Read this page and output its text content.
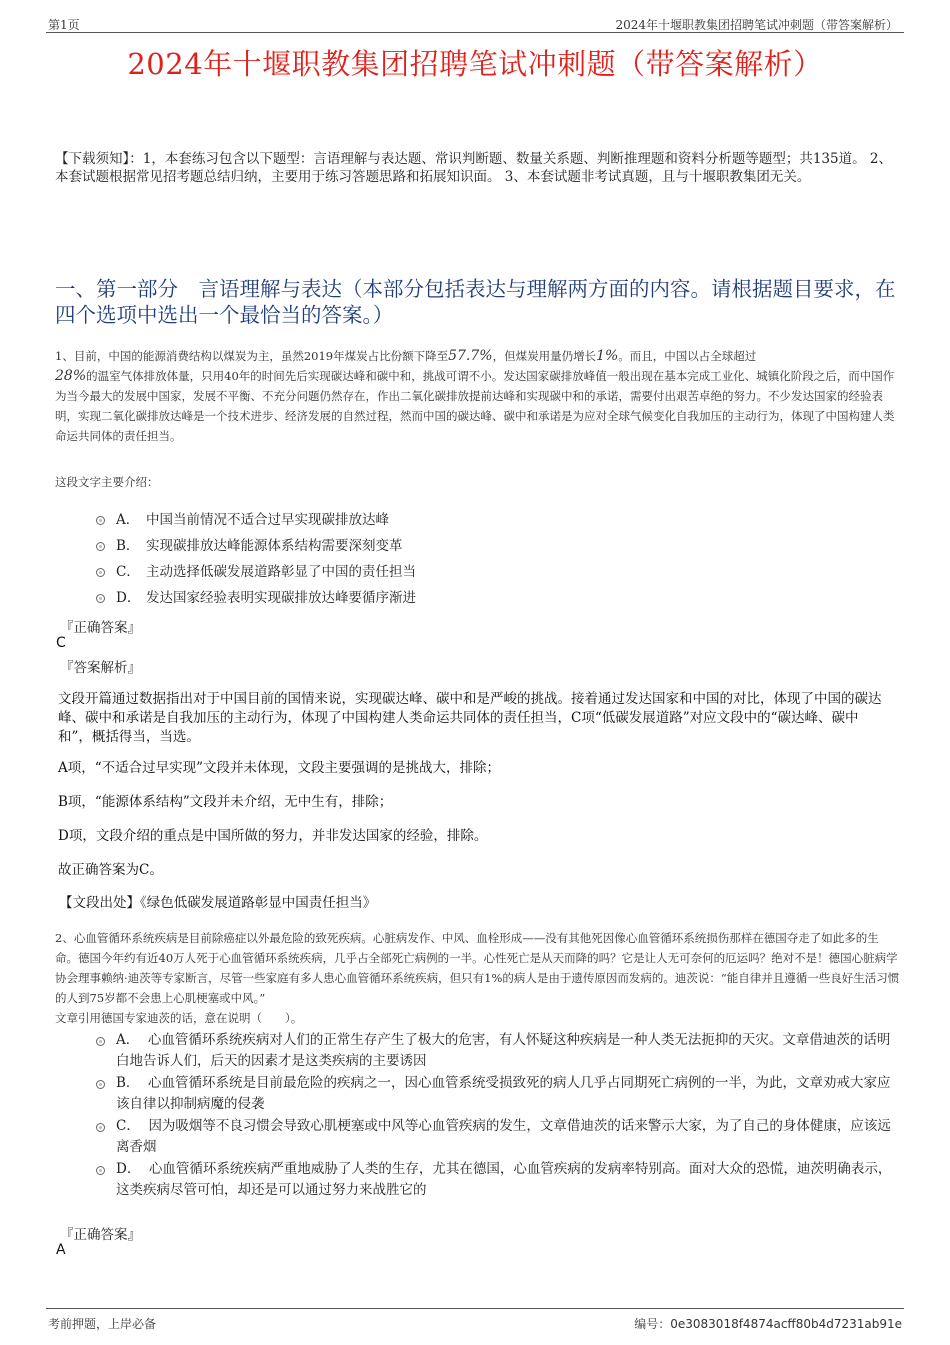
第1页	2024年十堰职教集团招聘笔试冲刺题（带答案解析）
2024年十堰职教集团招聘笔试冲刺题（带答案解析）
【下载须知】：1，本套练习包含以下题型：言语理解与表达题、常识判断题、数量关系题、判断推理题和资料分析题等题型；共135道。 2、本套试题根据常见招考题总结归纳，主要用于练习答题思路和拓展知识面。 3、本套试题非考试真题，且与十堰职教集团无关。
一、第一部分　言语理解与表达（本部分包括表达与理解两方面的内容。请根据题目要求，在四个选项中选出一个最恰当的答案。）
1、目前，中国的能源消费结构以煤炭为主，虽然2019年煤炭占比份额下降至57.7%，但煤炭用量仍增长1%。而且，中国以占全球超过
28%的温室气体排放体量，只用40年的时间先后实现碳达峰和碳中和，挑战可谓不小。发达国家碳排放峰值一般出现在基本完成工业化、城镇化阶段之后，而中国作为当今最大的发展中国家，发展不平衡、不充分问题仍然存在，作出二氧化碳排放提前达峰和实现碳中和的承诺，需要付出艰苦卓绝的努力。不少发达国家的经验表明，实现二氧化碳排放达峰是一个技术进步、经济发展的自然过程，然而中国的碳达峰、碳中和承诺是为应对全球气候变化自我加压的主动行为，体现了中国构建人类命运共同体的责任担当。
这段文字主要介绍：
A． 中国当前情况不适合过早实现碳排放达峰
B． 实现碳排放达峰能源体系结构需要深刻变革
C． 主动选择低碳发展道路彰显了中国的责任担当
D． 发达国家经验表明实现碳排放达峰要循序渐进
『正确答案』
C
『答案解析』
文段开篇通过数据指出对于中国目前的国情来说，实现碳达峰、碳中和是严峻的挑战。接着通过发达国家和中国的对比，体现了中国的碳达峰、碳中和承诺是自我加压的主动行为，体现了中国构建人类命运共同体的责任担当，C项“低碳发展道路”对应文段中的“碳达峰、碳中和”，概括得当，当选。
A项，“不适合过早实现”文段并未体现，文段主要强调的是挑战大，排除；
B项，“能源体系结构”文段并未介绍，无中生有，排除；
D项，文段介绍的重点是中国所做的努力，并非发达国家的经验，排除。
故正确答案为C。
【文段出处】《绿色低碳发展道路彰显中国责任担当》
2、心血管循环系统疾病是目前除癌症以外最危险的致死疾病。心脏病发作、中风、血栓形成——没有其他死因像心血管循环系统损伤那样在德国夺走了如此多的生命。德国今年约有近40万人死于心血管循环系统疾病，几乎占全部死亡病例的一半。心性死亡是从天而降的吗？它是让人无可奈何的厄运吗？绝对不是！德国心脏病学协会理事赖纳·迪茨等专家断言，尽管一些家庭有多人患心血管循环系统疾病，但只有1%的病人是由于遗传原因而发病的。迪茨说：“能自律并且遵循一些良好生活习惯的人到75岁都不会患上心肌梗塞或中风。”
文章引用德国专家迪茨的话，意在说明（　　）。
A． 心血管循环系统疾病对人们的正常生存产生了极大的危害，有人怀疑这种疾病是一种人类无法扼抑的天灾。文章借迪茨的话明白地告诉人们，后天的因素才是这类疾病的主要诱因
B． 心血管循环系统是目前最危险的疾病之一，因心血管系统受损致死的病人几乎占同期死亡病例的一半，为此，文章劝戒大家应该自律以抑制病魔的侵袭
C． 因为吸烟等不良习惯会导致心肌梗塞或中风等心血管疾病的发生，文章借迪茨的话来警示大家，为了自己的身体健康，应该远离香烟
D． 心血管循环系统疾病严重地威胁了人类的生存，尤其在德国，心血管疾病的发病率特别高。面对大众的恐慌，迪茨明确表示，这类疾病尽管可怕，却还是可以通过努力来战胜它的
『正确答案』
A
考前押题，上岸必备	编号：0e3083018f4874acff80b4d7231ab91e
